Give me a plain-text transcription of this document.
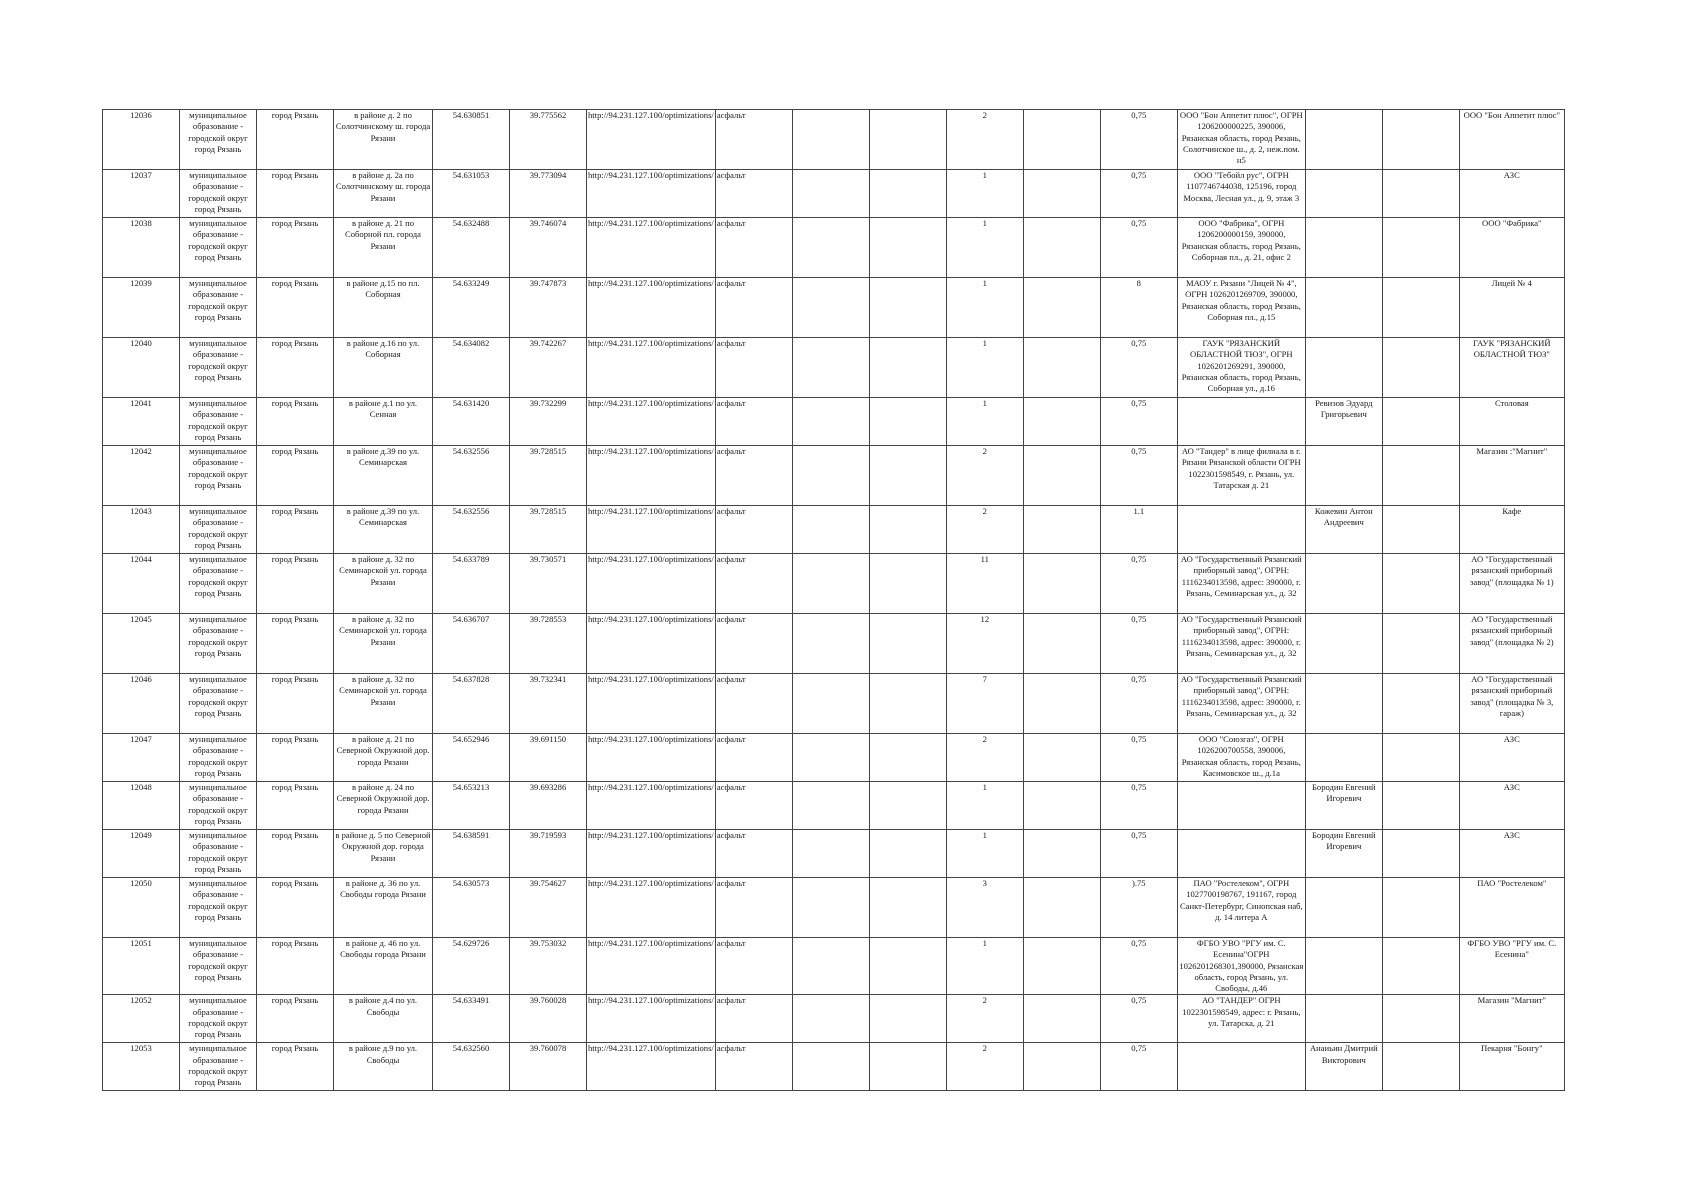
12036	муниципальное образование - городской округ город Рязань	город Рязань	в районе д. 2 по Солотчинскому ш. города Рязани	54.630851	39.775562	http://94.231.127.100/optimizations/	асфальт			2		0,75	ООО "Бон Аппетит плюс", ОГРН 1206200000225, 390006, Рязанская область, город Рязань, Солотчинское ш., д. 2, неж.пом. н5			ООО "Бон Аппетит плюс"
12037	муниципальное образование - городской округ город Рязань	город Рязань	в районе д. 2а по Солотчинскому ш. города Рязани	54.631053	39.773094	http://94.231.127.100/optimizations/	асфальт			1		0,75	ООО "Тебойл рус", ОГРН 1107746744038, 125196, город Москва, Лесная ул., д. 9, этаж 3			АЗС
12038	муниципальное образование - городской округ город Рязань	город Рязань	в районе д. 21 по Соборной пл. города Рязани	54.632488	39.746074	http://94.231.127.100/optimizations/	асфальт			1		0,75	ООО "Фабрика", ОГРН 1206200000159, 390000, Рязанская область, город Рязань, Соборная пл., д. 21, офис 2			ООО "Фабрика"
12039	муниципальное образование - городской округ город Рязань	город Рязань	в районе д.15 по пл. Соборная	54.633249	39.747873	http://94.231.127.100/optimizations/	асфальт			1		8	МАОУ г. Рязани "Лицей № 4", ОГРН 1026201269709, 390000, Рязанская область, город Рязань, Соборная пл., д.15			Лицей № 4
12040	муниципальное образование - городской округ город Рязань	город Рязань	в районе д.16 по ул. Соборная	54.634082	39.742267	http://94.231.127.100/optimizations/	асфальт			1		0,75	ГАУК "РЯЗАНСКИЙ ОБЛАСТНОЙ ТЮЗ", ОГРН 1026201269291, 390000, Рязанская область, город Рязань, Соборная ул., д.16			ГАУК "РЯЗАНСКИЙ ОБЛАСТНОЙ ТЮЗ"
12041	муниципальное образование - городской округ город Рязань	город Рязань	в районе д.1 по ул. Сенная	54.631420	39.732299	http://94.231.127.100/optimizations/	асфальт			1		0,75		Ревизов Эдуард Григорьевич		Столовая
12042	муниципальное образование - городской округ город Рязань	город Рязань	в районе д.39 по ул. Семинарская	54.632556	39.728515	http://94.231.127.100/optimizations/	асфальт			2		0,75	АО "Тандер" в лице филиала в г. Рязани Рязанской области ОГРН 1022301598549, г. Рязань, ул. Татарская д. 21			Магазин :"Магнит"
12043	муниципальное образование - городской округ город Рязань	город Рязань	в районе д.39 по ул. Семинарская	54.632556	39.728515	http://94.231.127.100/optimizations/	асфальт			2		1.1		Кожевин Антон Андреевич		Кафе
12044	муниципальное образование - городской округ город Рязань	город Рязань	в районе д. 32 по Семинарской ул. города Рязани	54.633789	39.730571	http://94.231.127.100/optimizations/	асфальт			11		0,75	АО "Государственный Рязанский приборный завод", ОГРН: 1116234013598, адрес: 390000, г. Рязань, Семинарская ул., д. 32			АО "Государственный рязанский приборный завод" (площадка № 1)
12045	муниципальное образование - городской округ город Рязань	город Рязань	в районе д. 32 по Семинарской ул. города Рязани	54.636707	39.728553	http://94.231.127.100/optimizations/	асфальт			12		0,75	АО "Государственный Рязанский приборный завод", ОГРН: 1116234013598, адрес: 390000, г. Рязань, Семинарская ул., д. 32			АО "Государственный рязанский приборный завод" (площадка № 2)
12046	муниципальное образование - городской округ город Рязань	город Рязань	в районе д. 32 по Семинарской ул. города Рязани	54.637828	39.732341	http://94.231.127.100/optimizations/	асфальт			7		0,75	АО "Государственный Рязанский приборный завод", ОГРН: 1116234013598, адрес: 390000, г. Рязань, Семинарская ул., д. 32			АО "Государственный рязанский приборный завод" (площадка № 3, гараж)
12047	муниципальное образование - городской округ город Рязань	город Рязань	в районе д. 21 по Северной Окружной дор. города Рязани	54.652946	39.691150	http://94.231.127.100/optimizations/	асфальт			2		0,75	ООО "Союзгаз", ОГРН 1026200700558, 390006, Рязанская область, город Рязань, Касимовское ш., д.1а			АЗС
12048	муниципальное образование - городской округ город Рязань	город Рязань	в районе д. 24 по Северной Окружной дор. города Рязани	54.653213	39.693286	http://94.231.127.100/optimizations/	асфальт			1		0,75		Бородин Евгений Игоревич		АЗС
12049	муниципальное образование - городской округ город Рязань	город Рязань	в районе д. 5 по Северной Окружной дор. города Рязани	54.638591	39.719593	http://94.231.127.100/optimizations/	асфальт			1		0,75		Бородин Евгений Игоревич		АЗС
12050	муниципальное образование - городской округ город Рязань	город Рязань	в районе д. 36 по ул. Свободы города Рязани	54.630573	39.754627	http://94.231.127.100/optimizations/	асфальт			3		).75	ПАО "Ростелеком", ОГРН 1027700198767, 191167, город Санкт-Петербург, Синопская наб, д. 14 литера А			ПАО "Ростелеком"
12051	муниципальное образование - городской округ город Рязань	город Рязань	в районе д. 46 по ул. Свободы города Рязани	54.629726	39.753032	http://94.231.127.100/optimizations/	асфальт			1		0,75	ФГБО УВО "РГУ им. С. Есенина"ОГРН 1026201268301,390000, Рязанская область, город Рязань, ул. Свободы, д.46			ФГБО УВО "РГУ им. С. Есенина"
12052	муниципальное образование - городской округ город Рязань	город Рязань	в районе д.4 по ул. Свободы	54.633491	39.760028	http://94.231.127.100/optimizations/	асфальт			2		0,75	АО "ТАНДЕР" ОГРН 1022301598549, адрес: г. Рязань, ул. Татарска, д. 21			Магазин "Магнит"
12053	муниципальное образование - городской округ город Рязань	город Рязань	в районе д.9 по ул. Свободы	54.632560	39.760078	http://94.231.127.100/optimizations/	асфальт			2		0,75		Анаиьин Дмитрий Викторович		Пекарня "Бонгу"
